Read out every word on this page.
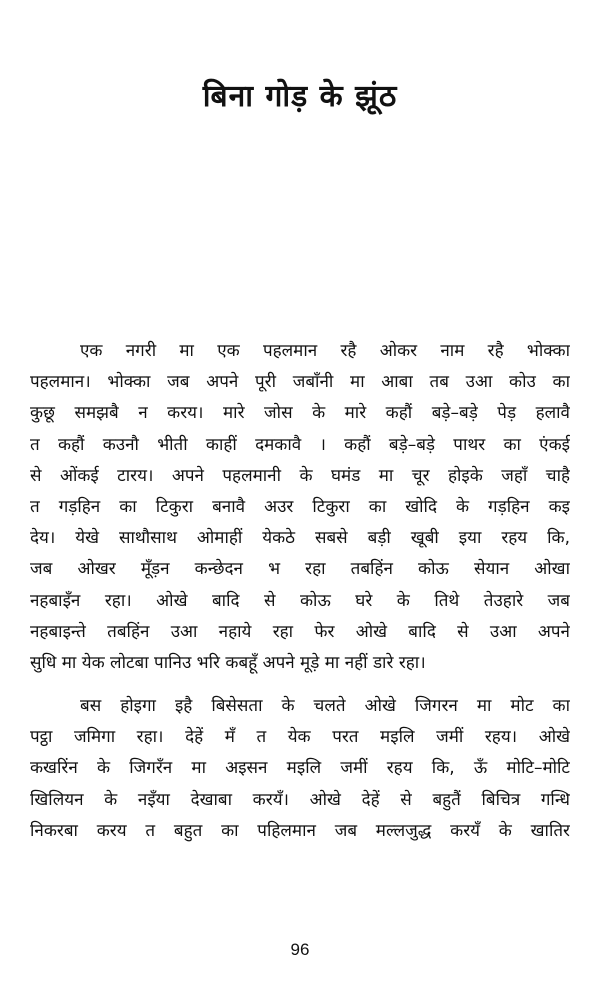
बिना गोड़ के झूंठ
एक नगरी मा एक पहलमान रहै ओकर नाम रहै भोक्का
पहलमान। भोक्का जब अपने पूरी जबाँनी मा आबा तब उआ कोउ का
कुछू समझबै न करय। मारे जोस के मारे कहौं बड़े–बड़े पेड़ हलावै
त कहौं कउनौ भीती काहीं दमकावै । कहौं बड़े–बड़े पाथर का एंकई
से ओंकई टारय। अपने पहलमानी के घमंड मा चूर होइके जहाँ चाहै
त गड़हिन का टिकुरा बनावै अउर टिकुरा का खोदि के गड़हिन कइ
देय। येखे साथौसाथ ओमाहीं येकठे सबसे बड़ी खूबी इया रहय कि,
जब ओखर मूँड़न कन्छेदन भ रहा तबहिंन कोऊ सेयान ओखा
नहबाइँन रहा। ओखे बादि से कोऊ घरे के तिथे तेउहारे जब
नहबाइन्ते तबहिंन उआ नहाये रहा फेर ओखे बादि से उआ अपने
सुधि मा येक लोटबा पानिउ भरि कबहूँ अपने मूड़े मा नहीं डारे रहा।
बस होइगा इहै बिसेसता के चलते ओखे जिगरन मा मोट का
पट्ठा जमिगा रहा। देहें मँ त येक परत मइलि जमीं रहय। ओखे
कखरिंन के जिगरँन मा अइसन मइलि जमीं रहय कि, ऊँ मोटि–मोटि
खिलियन के नइँया देखाबा करयँ। ओखे देहें से बहुतैं बिचित्र गन्धि
निकरबा करय त बहुत का पहिलमान जब मल्लजुद्ध करयँ के खातिर
96
